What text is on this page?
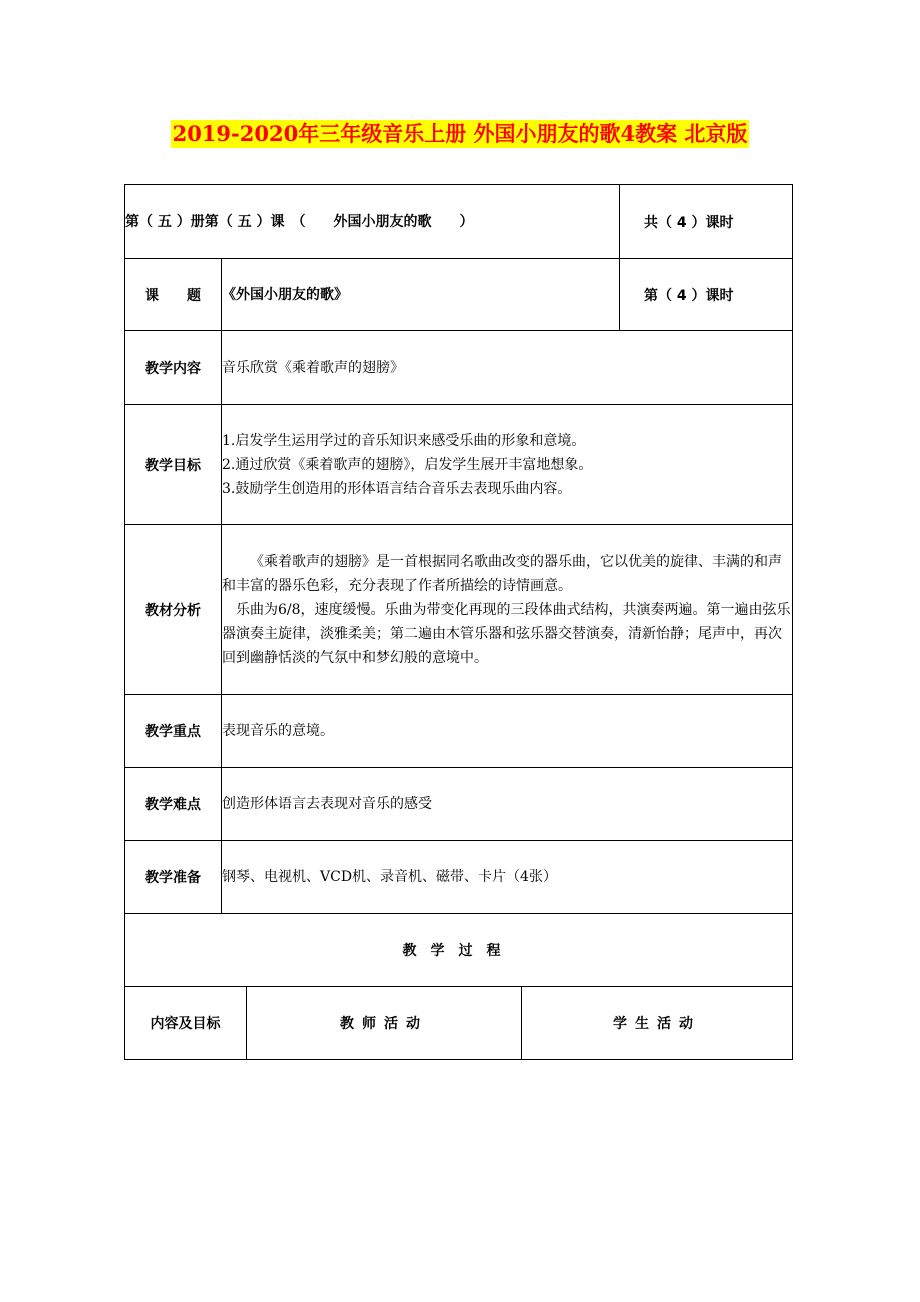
2019-2020年三年级音乐上册 外国小朋友的歌4教案 北京版
第（ 五 ）册第（ 五 ）课　（　　外国小朋友的歌　　）				共（ 4 ）课时
课　　题	《外国小朋友的歌》			第（ 4 ）课时
教学内容	音乐欣赏《乘着歌声的翅膀》			
教学目标	1.启发学生运用学过的音乐知识来感受乐曲的形象和意境。
2.通过欣赏《乘着歌声的翅膀》，启发学生展开丰富地想象。
3.鼓励学生创造用的形体语言结合音乐去表现乐曲内容。			

教材分析	《乘着歌声的翅膀》是一首根据同名歌曲改变的器乐曲，它以优美的旋律、丰满的和声和丰富的器乐色彩，充分表现了作者所描绘的诗情画意。

乐曲为6/8，速度缓慢。乐曲为带变化再现的三段体曲式结构，共演奏两遍。第一遍由弦乐器演奏主旋律，淡雅柔美；第二遍由木管乐器和弦乐器交替演奏，清新怡静；尾声中，再次回到幽静恬淡的气氛中和梦幻般的意境中。			

教学重点	表现音乐的意境。			
教学难点	创造形体语言去表现对音乐的感受			
教学准备	钢琴、电视机、VCD机、录音机、磁带、卡片（4张）			
教学过程				
内容及目标		教师活动	学生活动	
